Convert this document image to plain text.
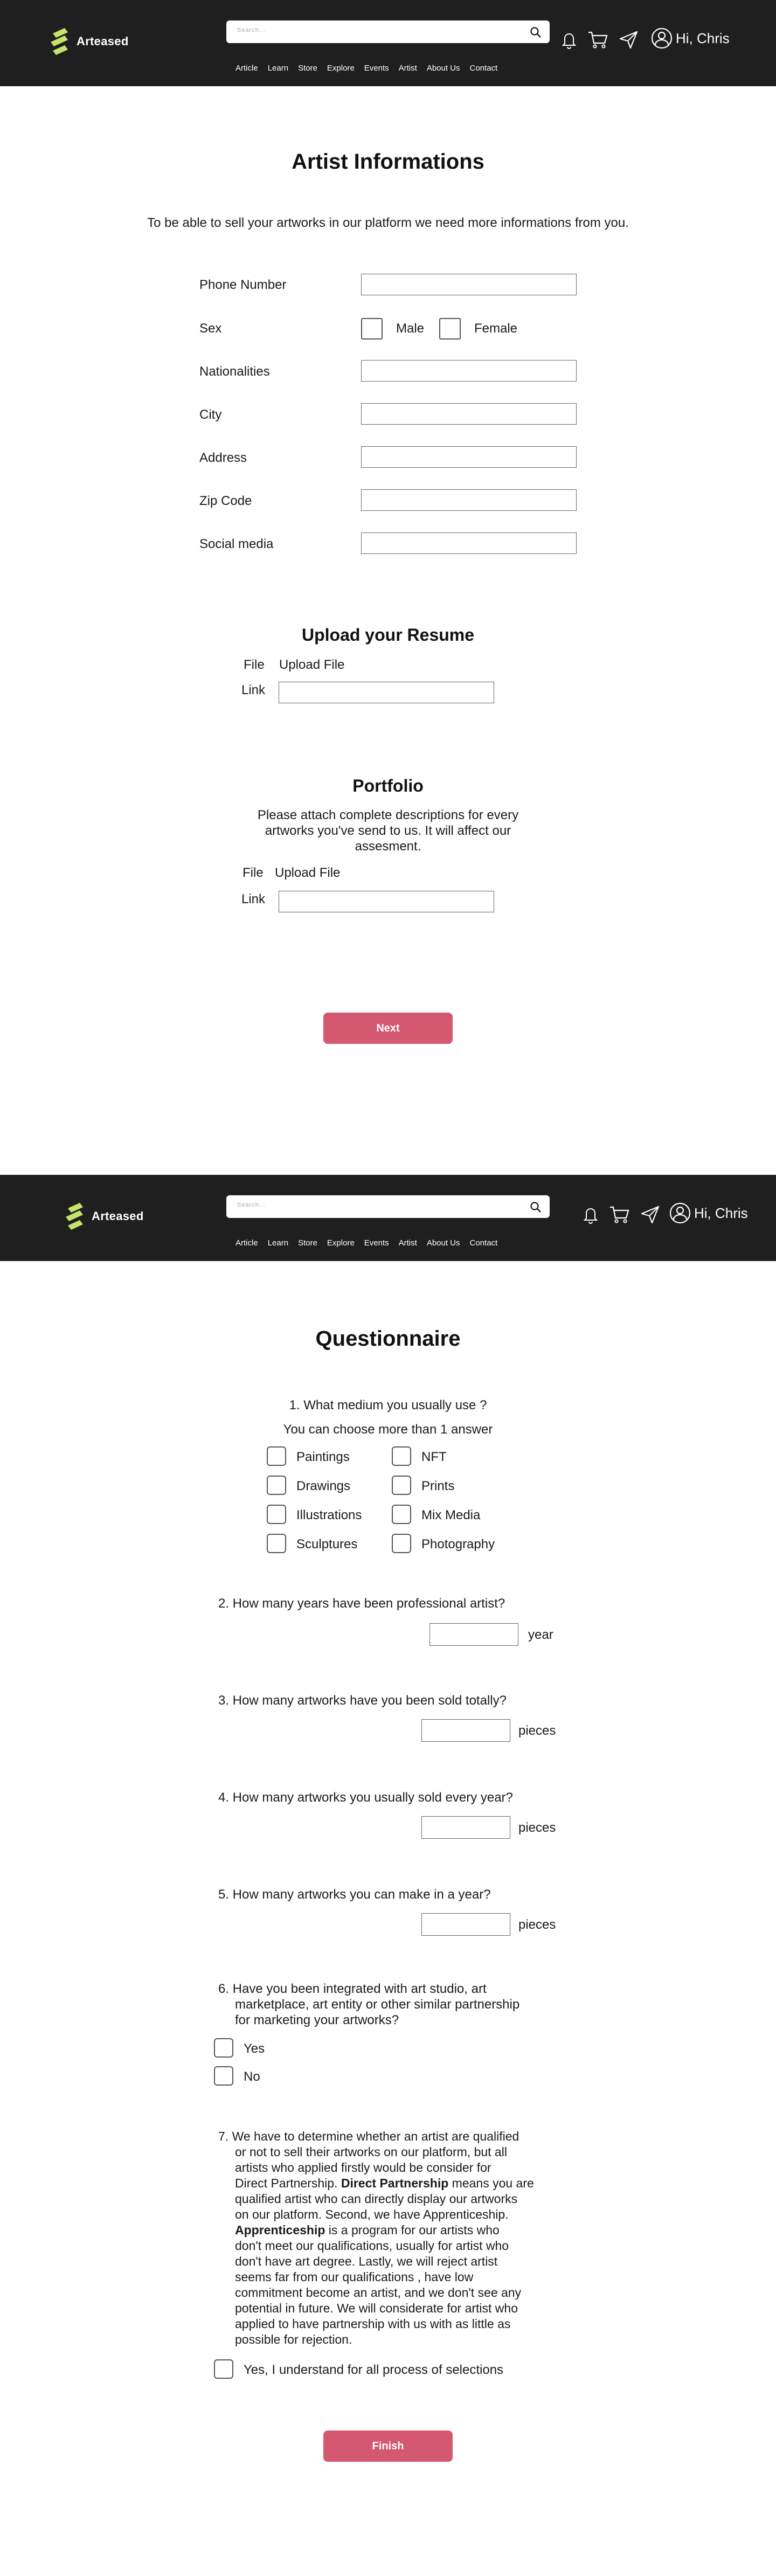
Arteased
Search...	Hi, Chris
Article Learn Store Explore Events Artist About Us Contact
Artist Informations
To be able to sell your artworks in our platform we need more informations from you.
Phone Number
Sex	Male	Female
Nationalities
City
Address
Zip Code
Social media
Upload your Resume
File Upload File
Link
Portfolio
Please attach complete descriptions for every
artworks you've send to us. It will affect our
assesment.
File Upload File
Link
Next
Arteased
Search...	Hi, Chris
Article Learn Store Explore Events Artist About Us Contact
Questionnaire
1. What medium you usually use ?
You can choose more than 1 answer
Paintings
Drawings
Illustrations
Sculptures
NFT
Prints
Mix Media
Photography
2. How many years have been professional artist?
year
3. How many artworks have you been sold totally?
pieces
4. How many artworks you usually sold every year?
pieces
5. How many artworks you can make in a year?
pieces
6. Have you been integrated with art studio, art
marketplace, art entity or other similar partnership
for marketing your artworks?
Yes
No
7. We have to determine whether an artist are qualified
or not to sell their artworks on our platform, but all
artists who applied firstly would be consider for
Direct Partnership. Direct Partnership means you are
qualified artist who can directly display our artworks
on our platform. Second, we have Apprenticeship.
Apprenticeship is a program for our artists who
don't meet our qualifications, usually for artist who
don't have art degree. Lastly, we will reject artist
seems far from our qualifications , have low
commitment become an artist, and we don't see any
potential in future. We will considerate for artist who
applied to have partnership with us with as little as
possible for rejection.
Yes, I understand for all process of selections
Finish
